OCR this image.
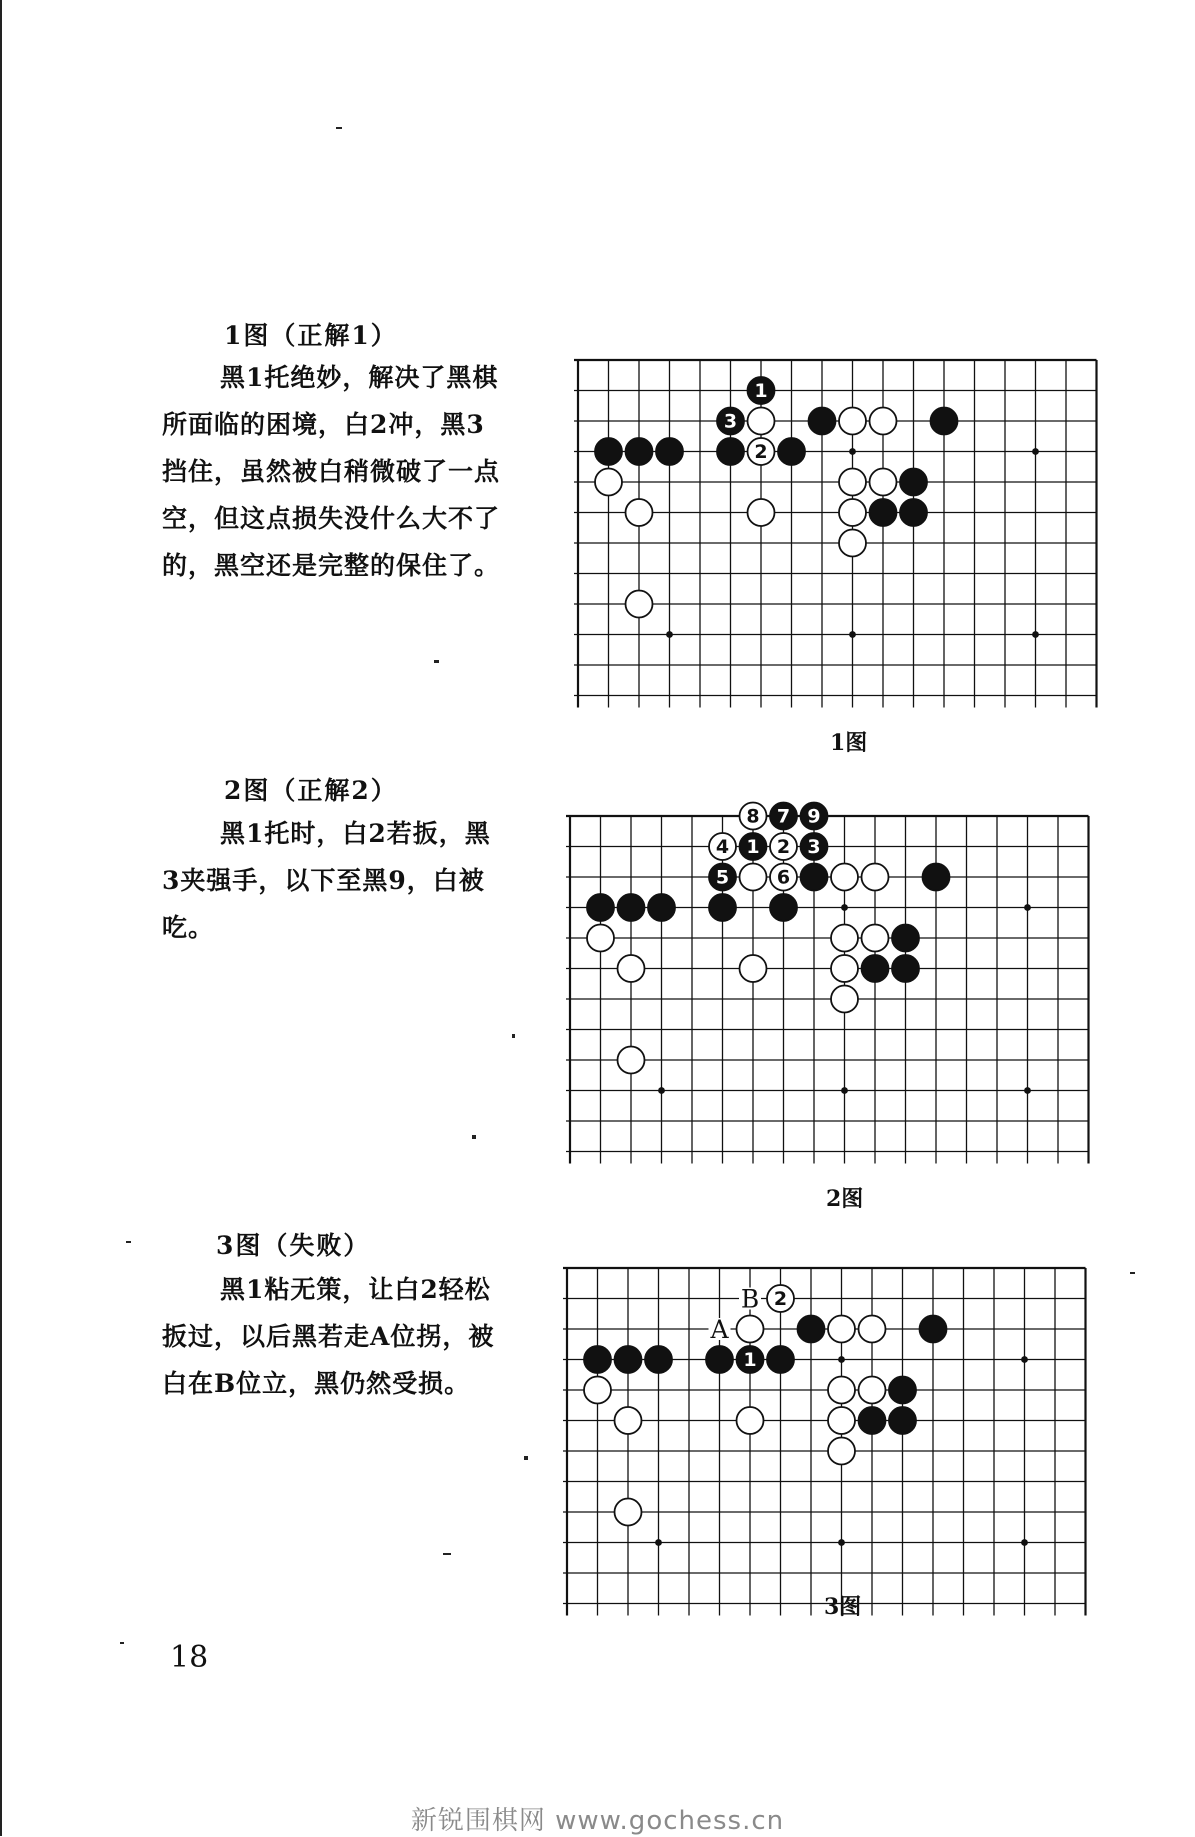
1图（正解1）
黑1托绝妙，解决了黑棋所面临的困境，白2冲，黑3挡住，虽然被白稍微破了一点空，但这点损失没什么大不了的，黑空还是完整的保住了。
1
3
2
1图
2图（正解2）
黑1托时，白2若扳，黑3夹强手，以下至黑9，白被吃。
8 7 9
4 1 2 3
5	6
2图
3图（失败）
黑1粘无策，让白2轻松扳过，以后黑若走A位拐，被白在B位立，黑仍然受损。
B
A
2
1
3图
18
新锐围棋网 www.gochess.cn
